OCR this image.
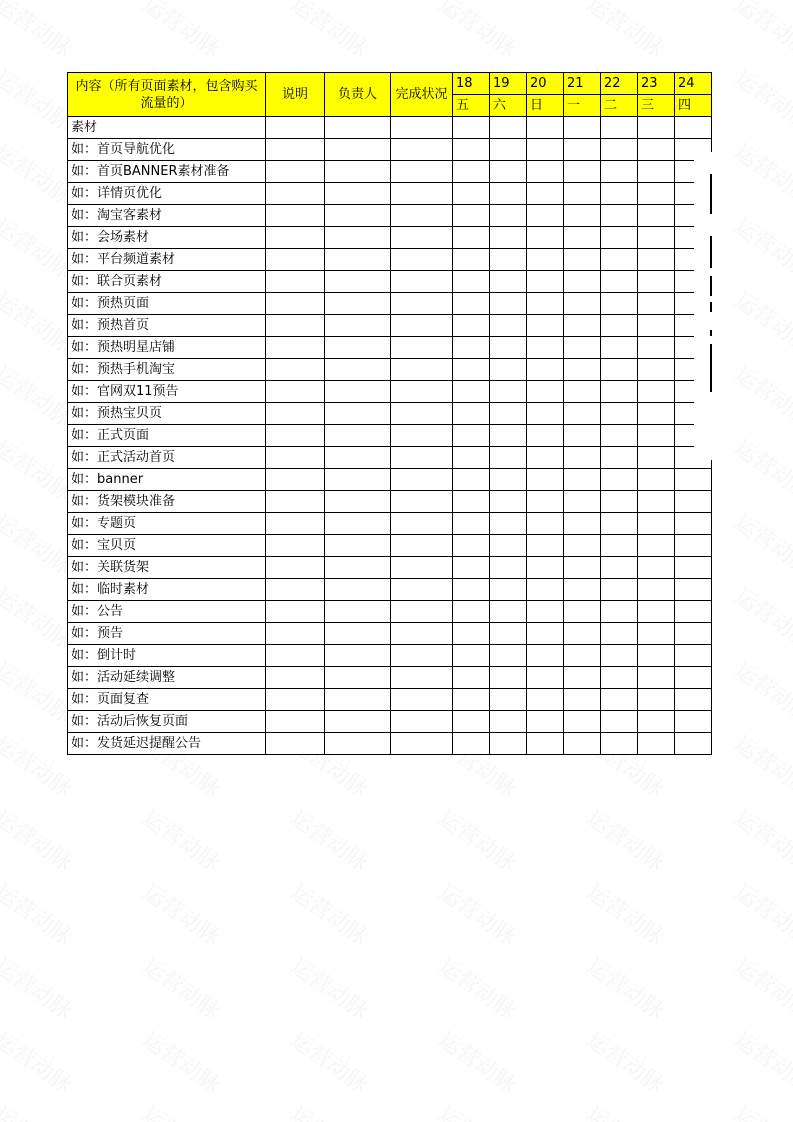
内容（所有页面素材，包含购买流量的）	说明	负责人	完成状况	18	19	20	21	22	23	24
				五	六	日	一	二	三	四
素材										
如：首页导航优化										
如：首页BANNER素材准备										
如：详情页优化										
如：淘宝客素材										
如：会场素材										
如：平台频道素材										
如：联合页素材										
如：预热页面										
如：预热首页										
如：预热明星店铺										
如：预热手机淘宝										
如：官网双11预告										
如：预热宝贝页										
如：正式页面										
如：正式活动首页										
如：banner										
如：货架模块准备										
如：专题页										
如：宝贝页										
如：关联货架										
如：临时素材										
如：公告										
如：预告										
如：倒计时										
如：活动延续调整										
如：页面复查										
如：活动后恢复页面										
如：发货延迟提醒公告										
